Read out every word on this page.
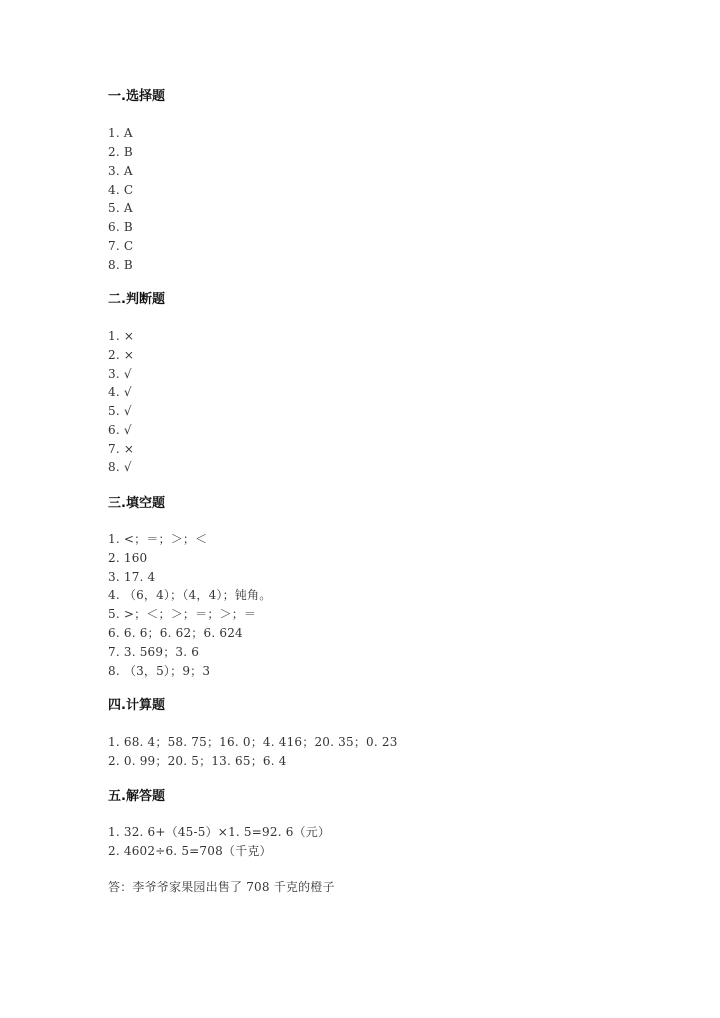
一.选择题
1. A
2. B
3. A
4. C
5. A
6. B
7. C
8. B
二.判断题
1. ×
2. ×
3. √
4. √
5. √
6. √
7. ×
8. √
三.填空题
1. <；＝；＞；＜
2. 160
3. 17. 4
4. （6，4）；（4，4）；钝角。
5. >；＜；＞；＝；＞；＝
6. 6. 6；6. 62；6. 624
7. 3. 569；3. 6
8. （3，5）；9；3
四.计算题
1. 68. 4；58. 75；16. 0；4. 416；20. 35；0. 23
2. 0. 99；20. 5；13. 65；6. 4
五.解答题
1. 32. 6+（45-5）×1. 5=92. 6（元）
2. 4602÷6. 5=708（千克）
答：李爷爷家果园出售了 708 千克的橙子
